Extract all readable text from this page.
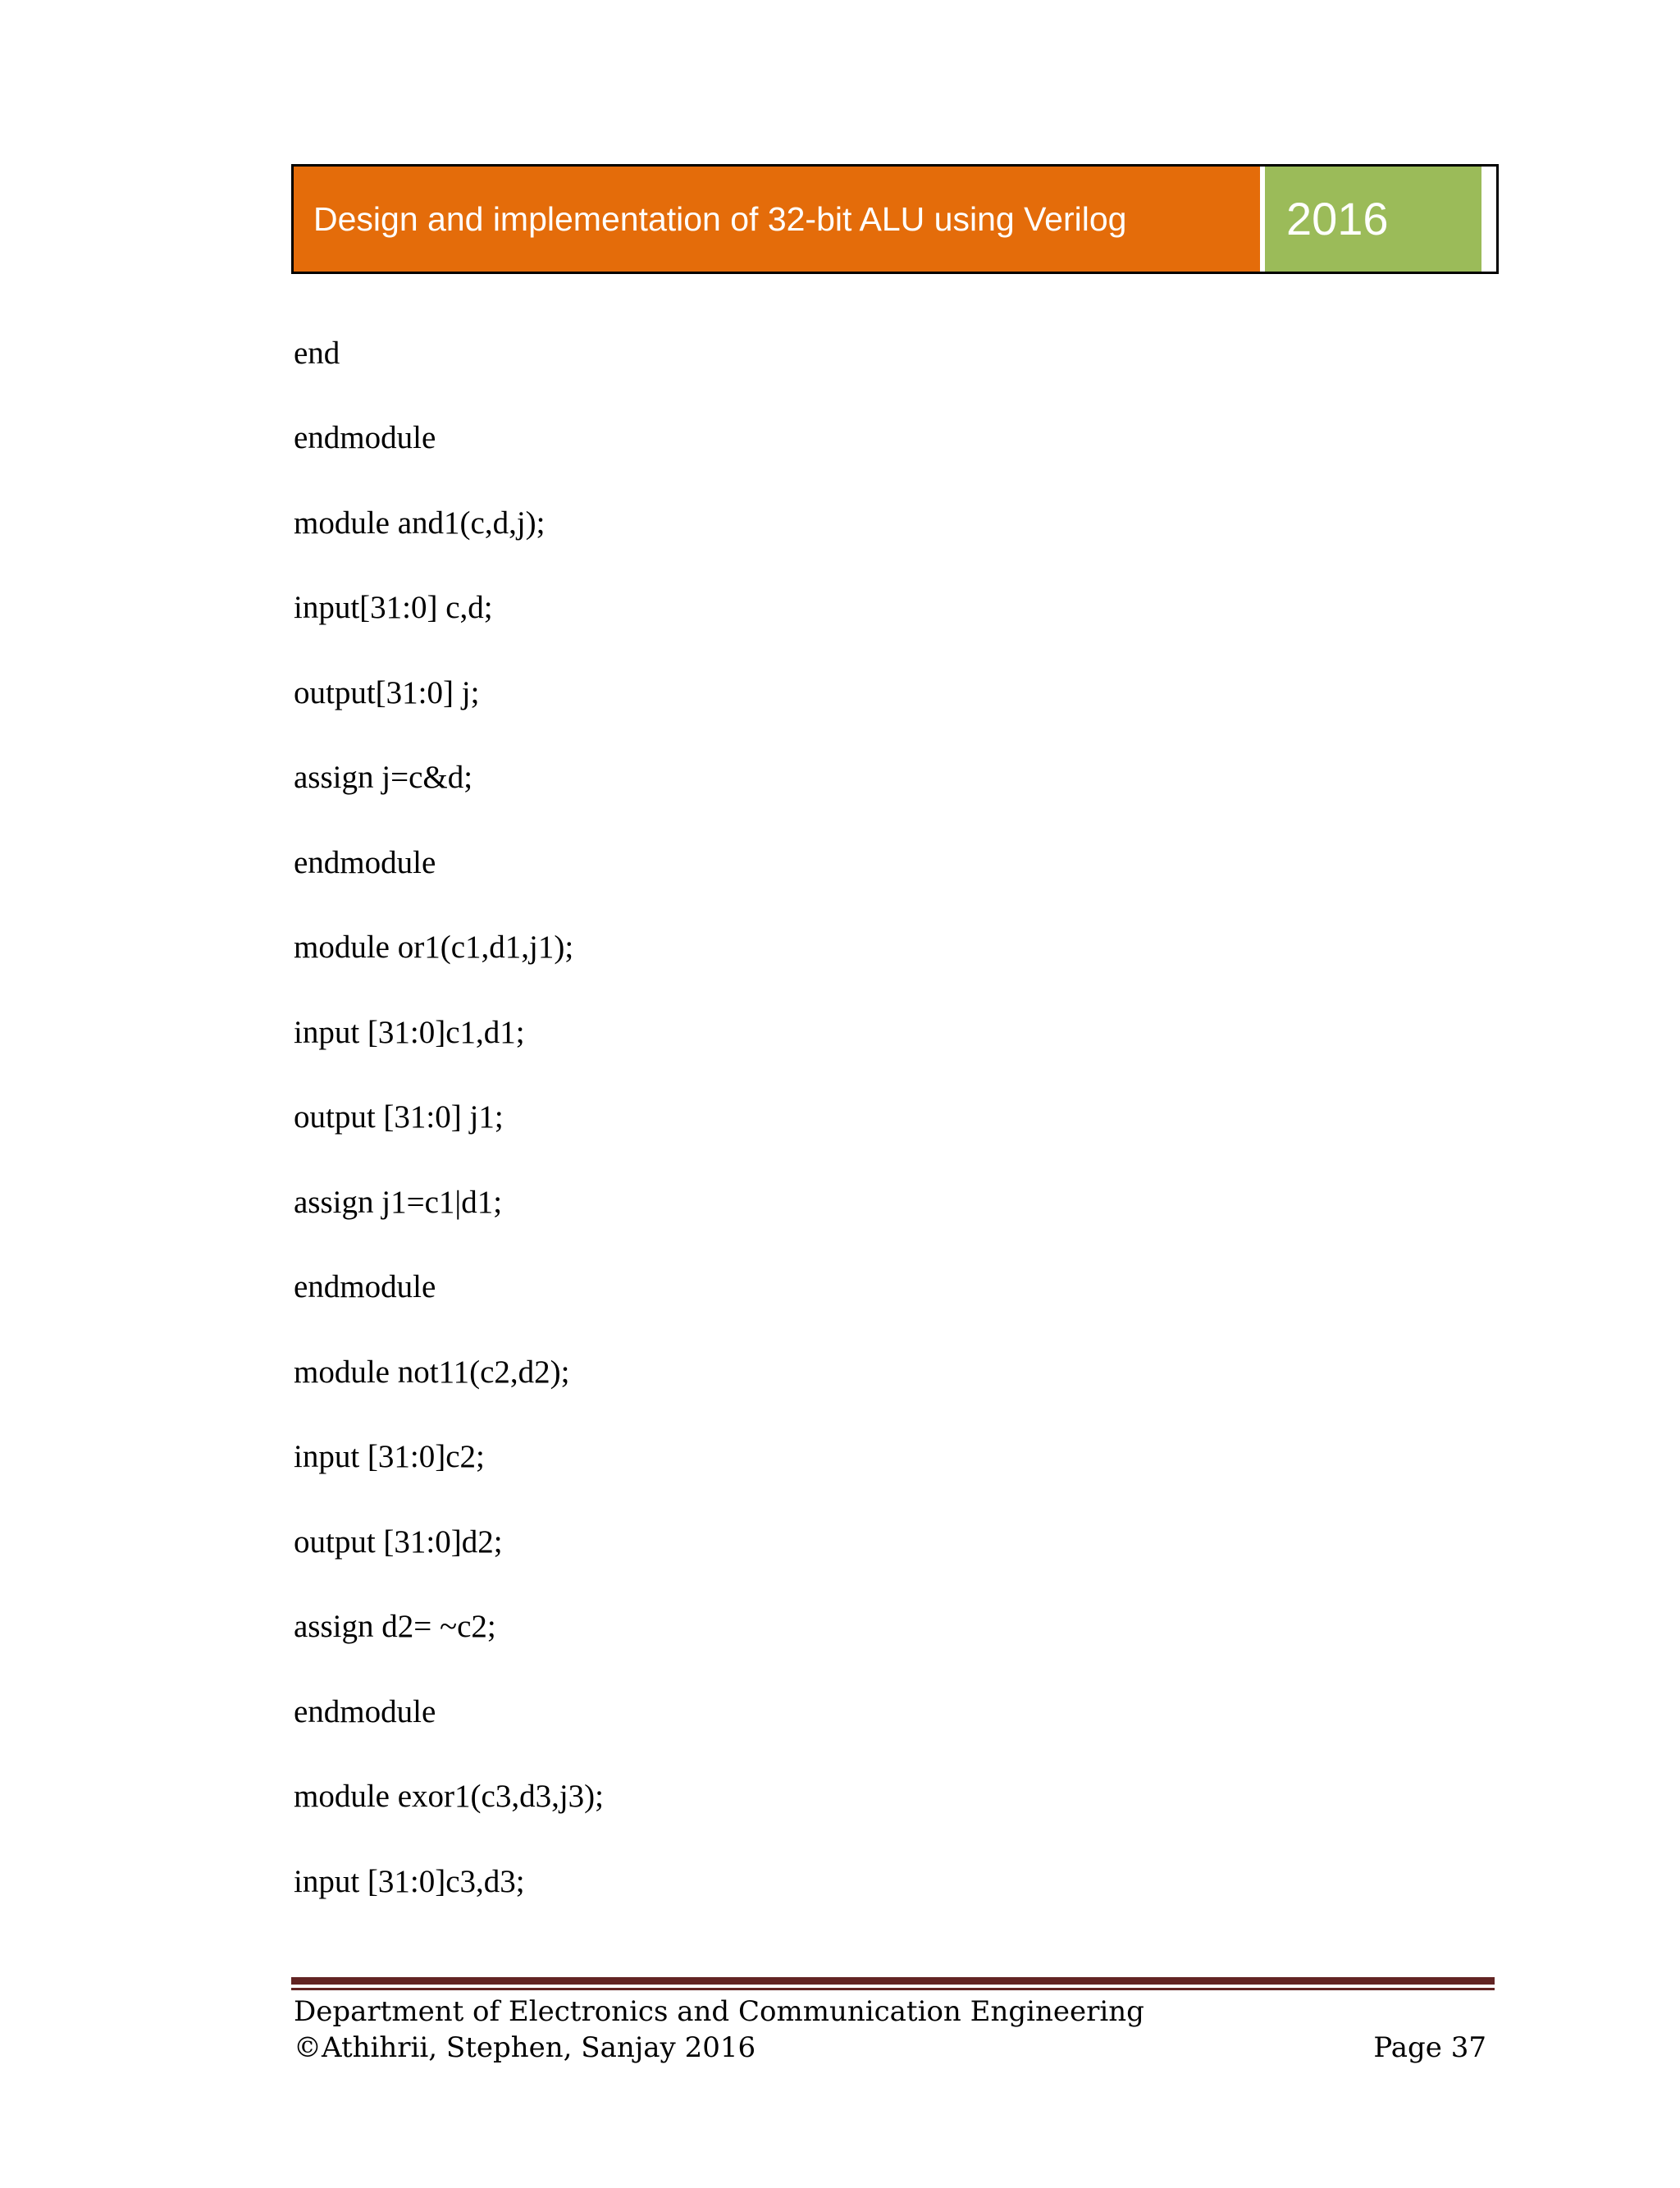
Design and implementation of 32-bit ALU using Verilog	2016
end
endmodule
module and1(c,d,j);
input[31:0] c,d;
output[31:0] j;
assign j=c&d;
endmodule
module or1(c1,d1,j1);
input [31:0]c1,d1;
output [31:0] j1;
assign j1=c1|d1;
endmodule
module not11(c2,d2);
input [31:0]c2;
output [31:0]d2;
assign d2= ~c2;
endmodule
module exor1(c3,d3,j3);
input [31:0]c3,d3;
Department of Electronics and Communication Engineering
©Athihrii, Stephen, Sanjay 2016	Page 37
